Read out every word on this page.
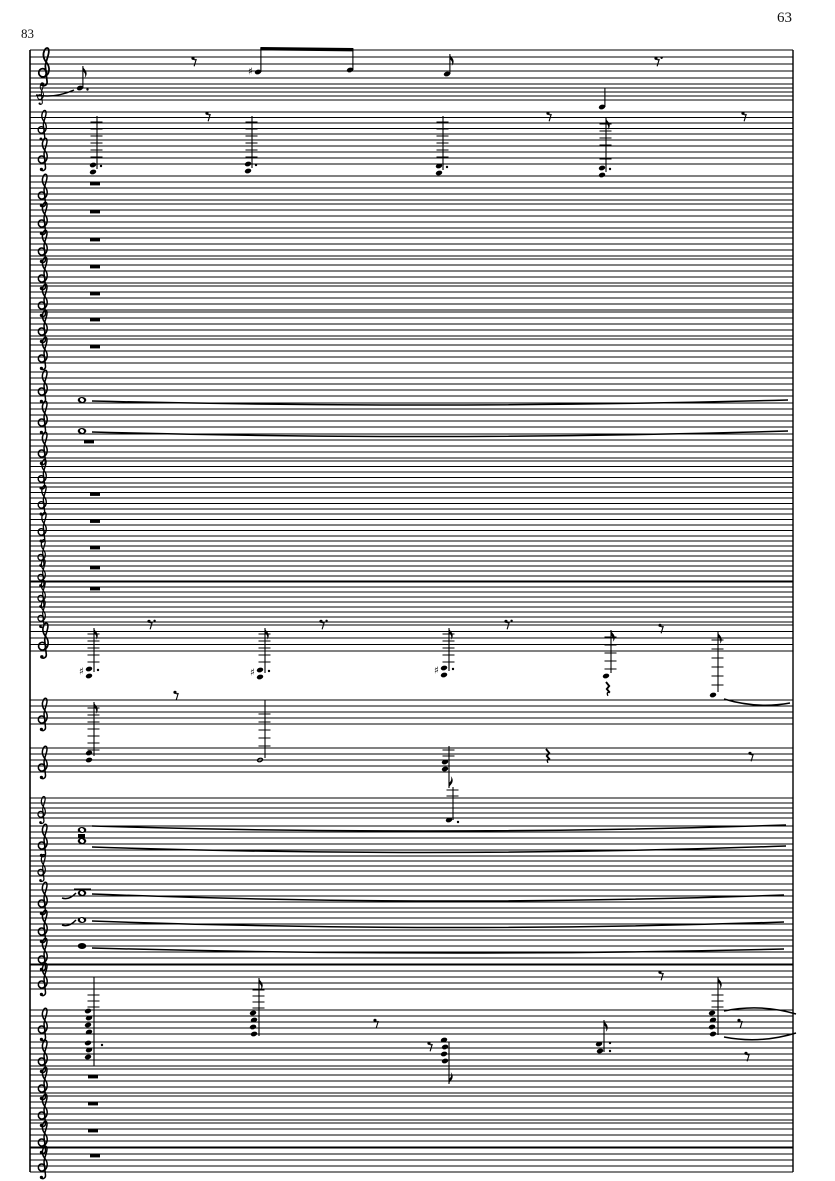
83
63
♯
♯	♯	♯
